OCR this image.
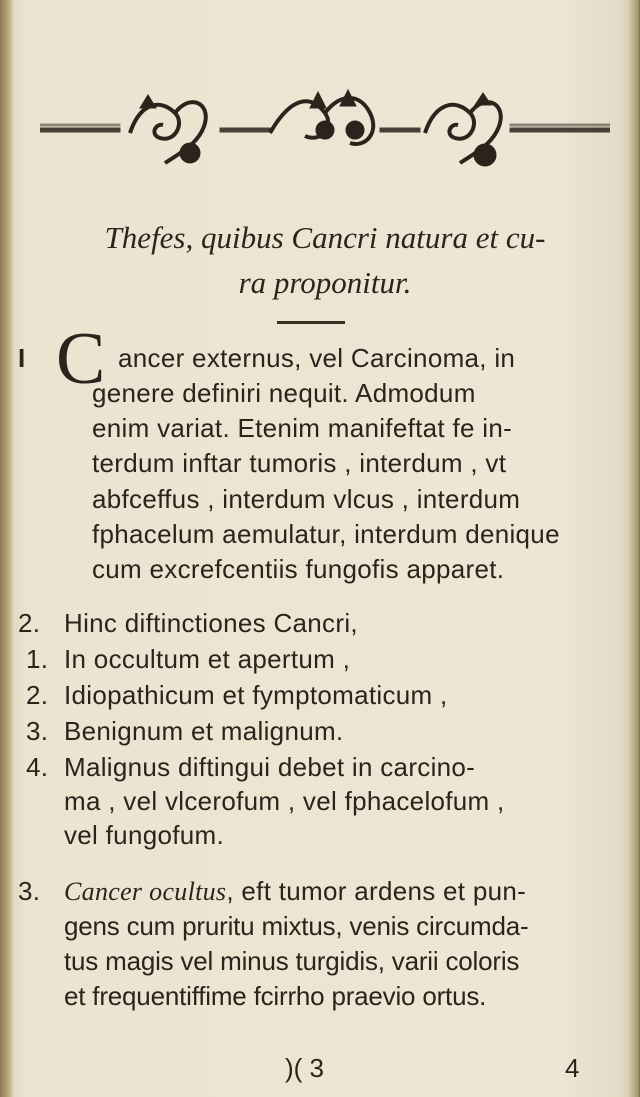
Thefes, quibus Cancri natura et cu-
ra proponitur.
I C ancer externus, vel Carcinoma, in
genere definiri nequit. Admodum
enim variat. Etenim manifeftat fe in-
terdum inftar tumoris , interdum , vt
abfceffus , interdum vlcus , interdum
fphacelum aemulatur, interdum denique
cum excrefcentiis fungofis apparet.
2. Hinc diftinctiones Cancri,
1. In occultum et apertum ,
2. Idiopathicum et fymptomaticum ,
3. Benignum et malignum.
4. Malignus diftingui debet in carcino-
ma , vel vlcerofum , vel fphacelofum ,
vel fungofum.
3. Cancer ocultus, eft tumor ardens et pun-
gens cum pruritu mixtus, venis circumda-
tus magis vel minus turgidis, varii coloris
et frequentiffime fcirrho praevio ortus.
)( 3	4
